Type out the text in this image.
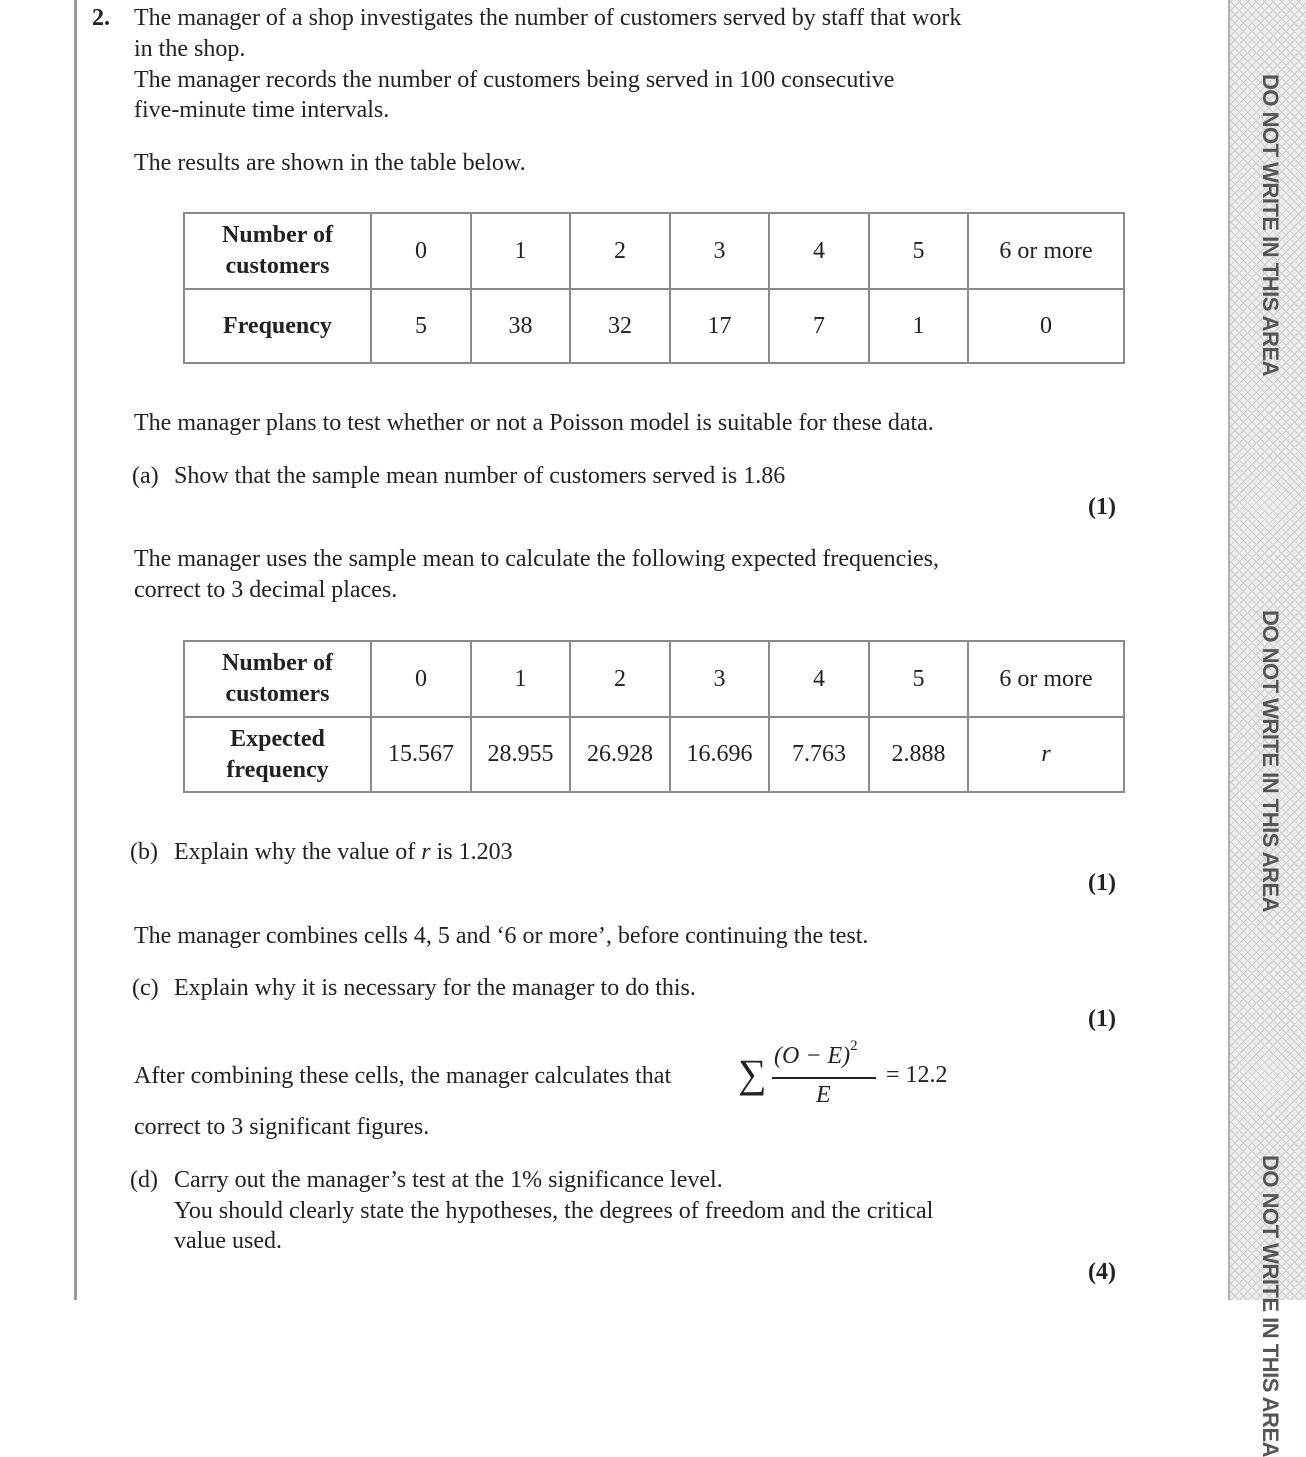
DO NOT WRITE IN THIS AREA
DO NOT WRITE IN THIS AREA
DO NOT WRITE IN THIS AREA
2. The manager of a shop investigates the number of customers served by staff that work
in the shop.
The manager records the number of customers being served in 100 consecutive
five-minute time intervals.
The results are shown in the table below.
Number of
customers	0	1	2	3	4	5	6 or more
Frequency	5	38	32	17	7	1	0
The manager plans to test whether or not a Poisson model is suitable for these data.
(a) Show that the sample mean number of customers served is 1.86
(1)
The manager uses the sample mean to calculate the following expected frequencies,
correct to 3 decimal places.
Number of
customers	0	1	2	3	4	5	6 or more

Expected
frequency	15.567	28.955	26.928	16.696	7.763	2.888	r
(b) Explain why the value of r is 1.203
(1)
The manager combines cells 4, 5 and ‘6 or more’, before continuing the test.
(c) Explain why it is necessary for the manager to do this.
(1)
After combining these cells, the manager calculates that ∑ $(O - E)^2$
E
= 12.2
correct to 3 significant figures.
(d) Carry out the manager’s test at the 1% significance level.
You should clearly state the hypotheses, the degrees of freedom and the critical
value used.
(4)
